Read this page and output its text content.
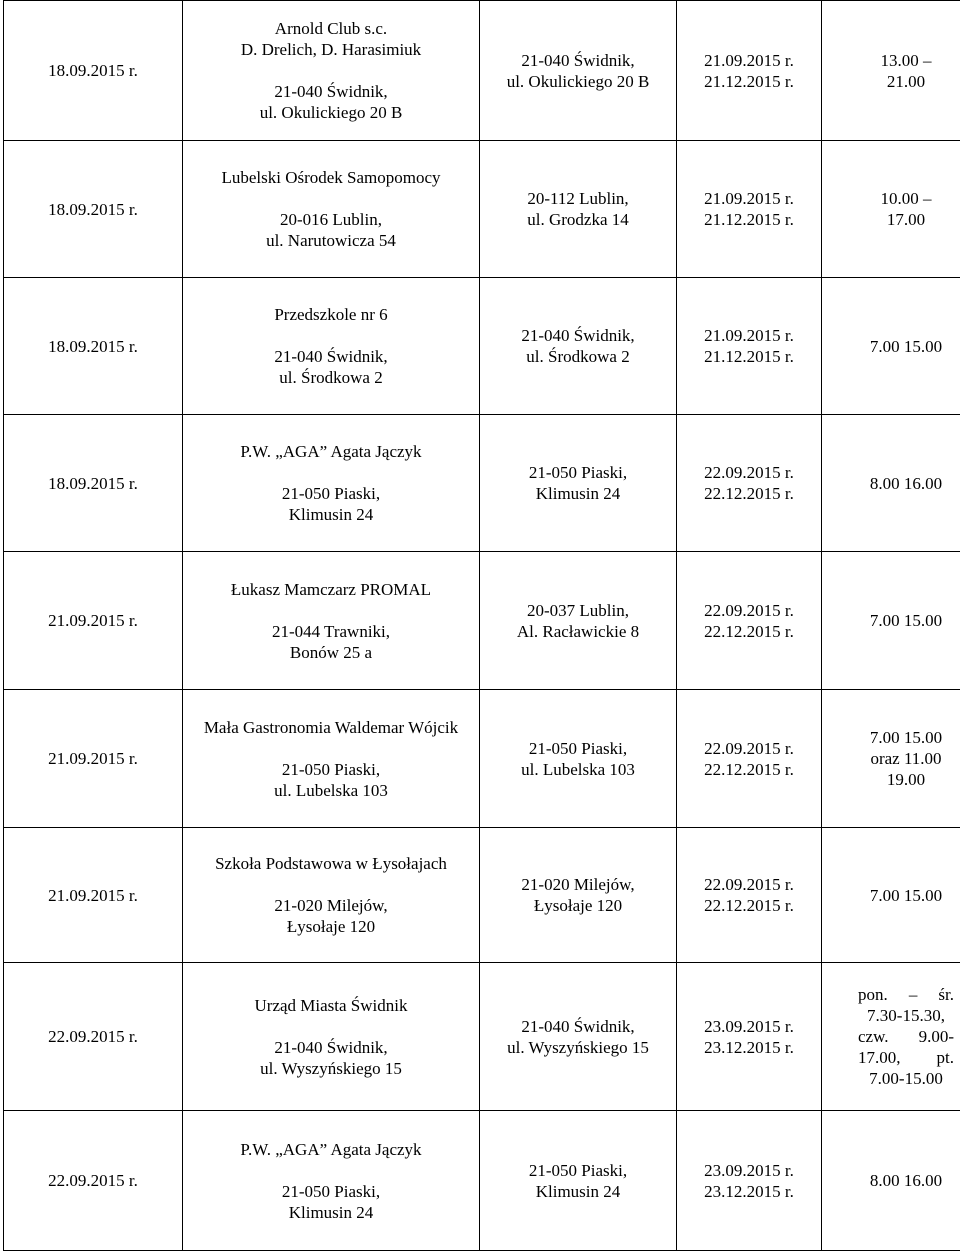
18.09.2015 r.	Arnold Club s.c.
D. Drelich, D. Harasimiuk
21-040 Świdnik,
ul. Okulickiego 20 B	21-040 Świdnik,
ul. Okulickiego 20 B	21.09.2015 r.
21.12.2015 r.	13.00 –
21.00

18.09.2015 r.	Lubelski Ośrodek Samopomocy
20-016 Lublin,
ul. Narutowicza 54	20-112 Lublin,
ul. Grodzka 14	21.09.2015 r.
21.12.2015 r.	10.00 –
17.00

18.09.2015 r.	Przedszkole nr 6
21-040 Świdnik,
ul. Środkowa 2	21-040 Świdnik,
ul. Środkowa 2	21.09.2015 r.
21.12.2015 r.	7.00 15.00

18.09.2015 r.	P.W. „AGA” Agata Jączyk
21-050 Piaski,
Klimusin 24	21-050 Piaski,
Klimusin 24	22.09.2015 r.
22.12.2015 r.	8.00 16.00

21.09.2015 r.	Łukasz Mamczarz PROMAL
21-044 Trawniki,
Bonów 25 a	20-037 Lublin,
Al. Racławickie 8	22.09.2015 r.
22.12.2015 r.	7.00 15.00

21.09.2015 r.	Mała Gastronomia Waldemar Wójcik
21-050 Piaski,
ul. Lubelska 103	21-050 Piaski,
ul. Lubelska 103	22.09.2015 r.
22.12.2015 r.	7.00 15.00
oraz 11.00
19.00

21.09.2015 r.	Szkoła Podstawowa w Łysołajach
21-020 Milejów,
Łysołaje 120	21-020 Milejów,
Łysołaje 120	22.09.2015 r.
22.12.2015 r.	7.00 15.00

22.09.2015 r.	Urząd Miasta Świdnik
21-040 Świdnik,
ul. Wyszyńskiego 15	21-040 Świdnik,
ul. Wyszyńskiego 15	23.09.2015 r.
23.12.2015 r.	pon. – śr.
7.30-15.30,
czw. 9.00-
17.00, pt.
7.00-15.00

22.09.2015 r.	P.W. „AGA” Agata Jączyk
21-050 Piaski,
Klimusin 24	21-050 Piaski,
Klimusin 24	23.09.2015 r.
23.12.2015 r.	8.00 16.00
